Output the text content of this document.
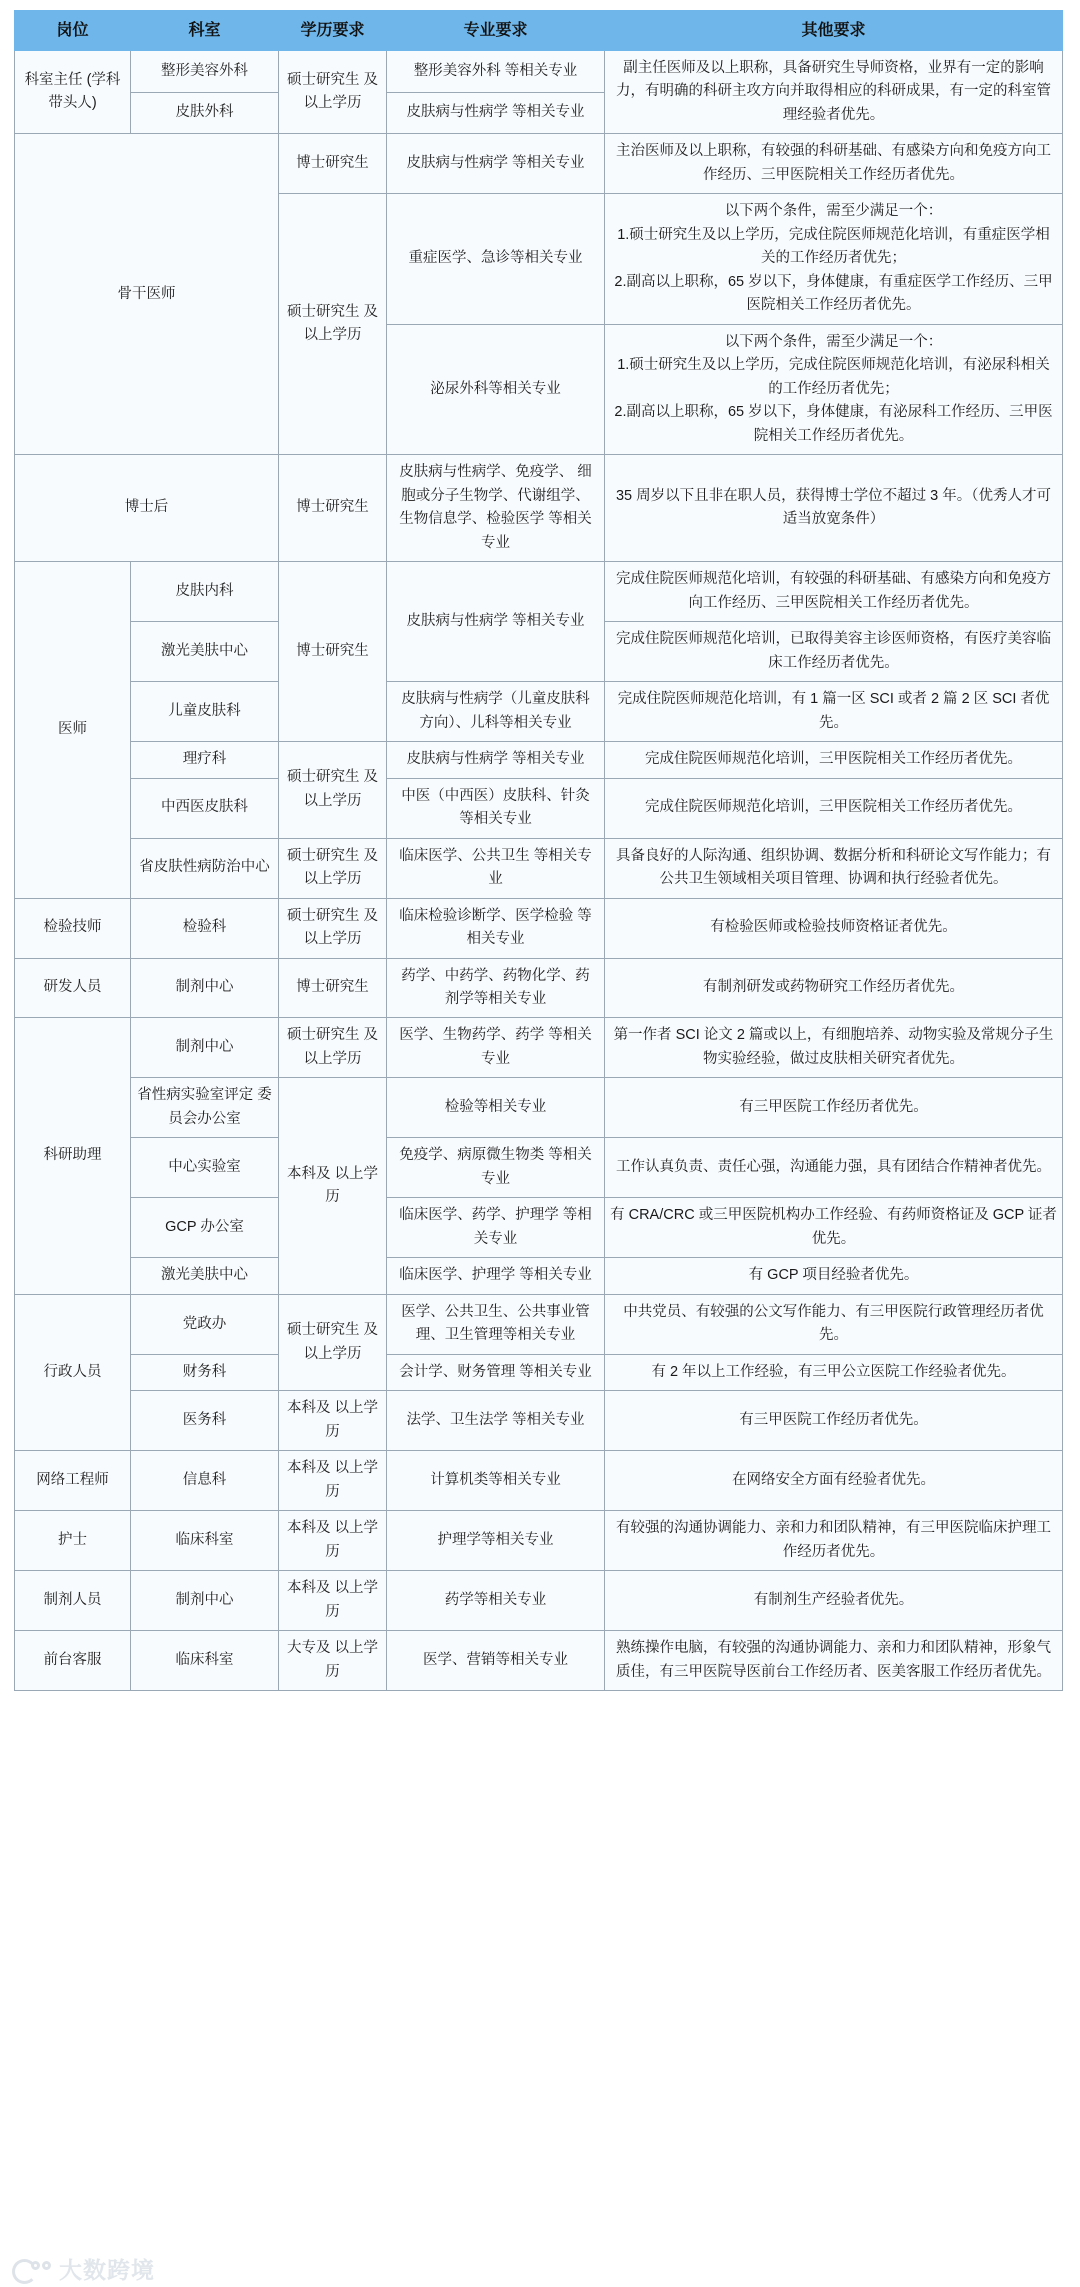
岗位	科室	学历要求	专业要求	其他要求
科室主任 (学科带头人)	整形美容外科	硕士研究生 及以上学历	整形美容外科 等相关专业	副主任医师及以上职称，具备研究生导师资格，业界有一定的影响力，有明确的科研主攻方向并取得相应的科研成果，有一定的科室管理经验者优先。
	皮肤外科		皮肤病与性病学 等相关专业	
骨干医师		博士研究生	皮肤病与性病学 等相关专业	主治医师及以上职称，有较强的科研基础、有感染方向和免疫方向工作经历、三甲医院相关工作经历者优先。
		硕士研究生 及以上学历	重症医学、急诊等相关专业	以下两个条件，需至少满足一个：
1.硕士研究生及以上学历，完成住院医师规范化培训，有重症医学相关的工作经历者优先；
2.副高以上职称，65 岁以下，身体健康，有重症医学工作经历、三甲医院相关工作经历者优先。

			泌尿外科等相关专业	以下两个条件，需至少满足一个：
1.硕士研究生及以上学历，完成住院医师规范化培训，有泌尿科相关的工作经历者优先；
2.副高以上职称，65 岁以下，身体健康，有泌尿科工作经历、三甲医院相关工作经历者优先。

博士后		博士研究生	皮肤病与性病学、免疫学、 细胞或分子生物学、代谢组学、 生物信息学、检验医学 等相关专业	35 周岁以下且非在职人员，获得博士学位不超过 3 年。（优秀人才可适当放宽条件）
医师	皮肤内科	博士研究生	皮肤病与性病学 等相关专业	完成住院医师规范化培训，有较强的科研基础、有感染方向和免疫方向工作经历、三甲医院相关工作经历者优先。
	激光美肤中心			完成住院医师规范化培训，已取得美容主诊医师资格，有医疗美容临床工作经历者优先。
	儿童皮肤科		皮肤病与性病学（儿童皮肤科 方向）、儿科等相关专业	完成住院医师规范化培训，有 1 篇一区 SCI 或者 2 篇 2 区 SCI 者优先。
	理疗科	硕士研究生 及以上学历	皮肤病与性病学 等相关专业	完成住院医师规范化培训，三甲医院相关工作经历者优先。
	中西医皮肤科		中医（中西医）皮肤科、针灸 等相关专业	完成住院医师规范化培训，三甲医院相关工作经历者优先。
	省皮肤性病防治中心	硕士研究生 及以上学历	临床医学、公共卫生 等相关专业	具备良好的人际沟通、组织协调、数据分析和科研论文写作能力；有公共卫生领域相关项目管理、协调和执行经验者优先。
检验技师	检验科	硕士研究生 及以上学历	临床检验诊断学、医学检验 等相关专业	有检验医师或检验技师资格证者优先。
研发人员	制剂中心	博士研究生	药学、中药学、药物化学、药 剂学等相关专业	有制剂研发或药物研究工作经历者优先。
科研助理	制剂中心	硕士研究生 及以上学历	医学、生物药学、药学 等相关专业	第一作者 SCI 论文 2 篇或以上，有细胞培养、动物实验及常规分子生物实验经验，做过皮肤相关研究者优先。
	省性病实验室评定 委员会办公室	本科及 以上学历	检验等相关专业	有三甲医院工作经历者优先。
	中心实验室		免疫学、病原微生物类 等相关专业	工作认真负责、责任心强，沟通能力强，具有团结合作精神者优先。
	GCP 办公室		临床医学、药学、护理学 等相关专业	有 CRA/CRC 或三甲医院机构办工作经验、有药师资格证及 GCP 证者优先。
	激光美肤中心		临床医学、护理学 等相关专业	有 GCP 项目经验者优先。
行政人员	党政办	硕士研究生 及以上学历	医学、公共卫生、公共事业管 理、卫生管理等相关专业	中共党员、有较强的公文写作能力、有三甲医院行政管理经历者优先。
	财务科		会计学、财务管理 等相关专业	有 2 年以上工作经验，有三甲公立医院工作经验者优先。
	医务科	本科及 以上学历	法学、卫生法学 等相关专业	有三甲医院工作经历者优先。
网络工程师	信息科	本科及 以上学历	计算机类等相关专业	在网络安全方面有经验者优先。
护士	临床科室	本科及 以上学历	护理学等相关专业	有较强的沟通协调能力、亲和力和团队精神，有三甲医院临床护理工作经历者优先。
制剂人员	制剂中心	本科及 以上学历	药学等相关专业	有制剂生产经验者优先。
前台客服	临床科室	大专及 以上学历	医学、营销等相关专业	熟练操作电脑，有较强的沟通协调能力、亲和力和团队精神，形象气质佳，有三甲医院导医前台工作经历者、医美客服工作经历者优先。
大数跨境
